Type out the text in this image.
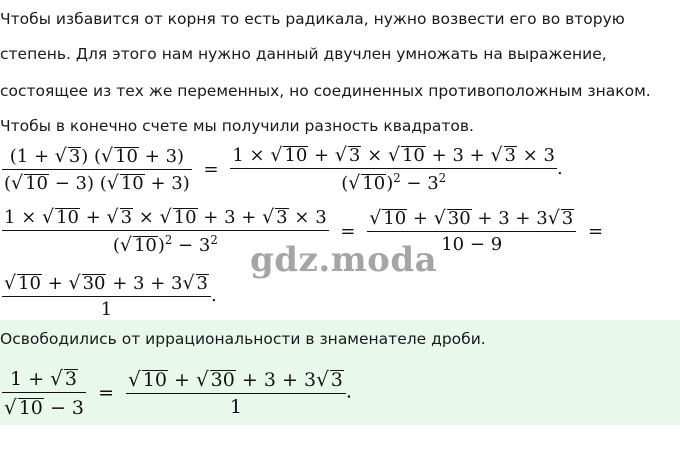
Чтобы избавится от корня то есть радикала, нужно возвести его во вторую
степень. Для этого нам нужно данный двучлен умножать на выражение,
состоящее из тех же переменных, но соединенных противоположным знаком.
Чтобы в конечно счете мы получили разность квадратов.
$\frac{(1 + √ 3) (√ 10 + 3)}{(√ 10 - 3) (√ 10 + 3)} = \frac{1 \times √ 10 + √ 3 \times √ 10 + 3 + √ 3 \times 3}{(√ 10)^2 - 3^2}$ .
$\frac{1 \times √ 10 + √ 3 \times √ 10 + 3 + √ 3 \times 3}{(√ 10)^2 - 3^2} = \frac{√ 10 + √ 30 + 3 + 3√ 3}{10 - 9}$ =
$\frac{√ 10 + √ 30 + 3 + 3√ 3}{1}$ .
gdz.moda
Освободились от иррациональности в знаменателе дроби.
$\frac{1 + √ 3}{√ 10 - 3} = \frac{√ 10 + √ 30 + 3 + 3√ 3}{1}$ .
